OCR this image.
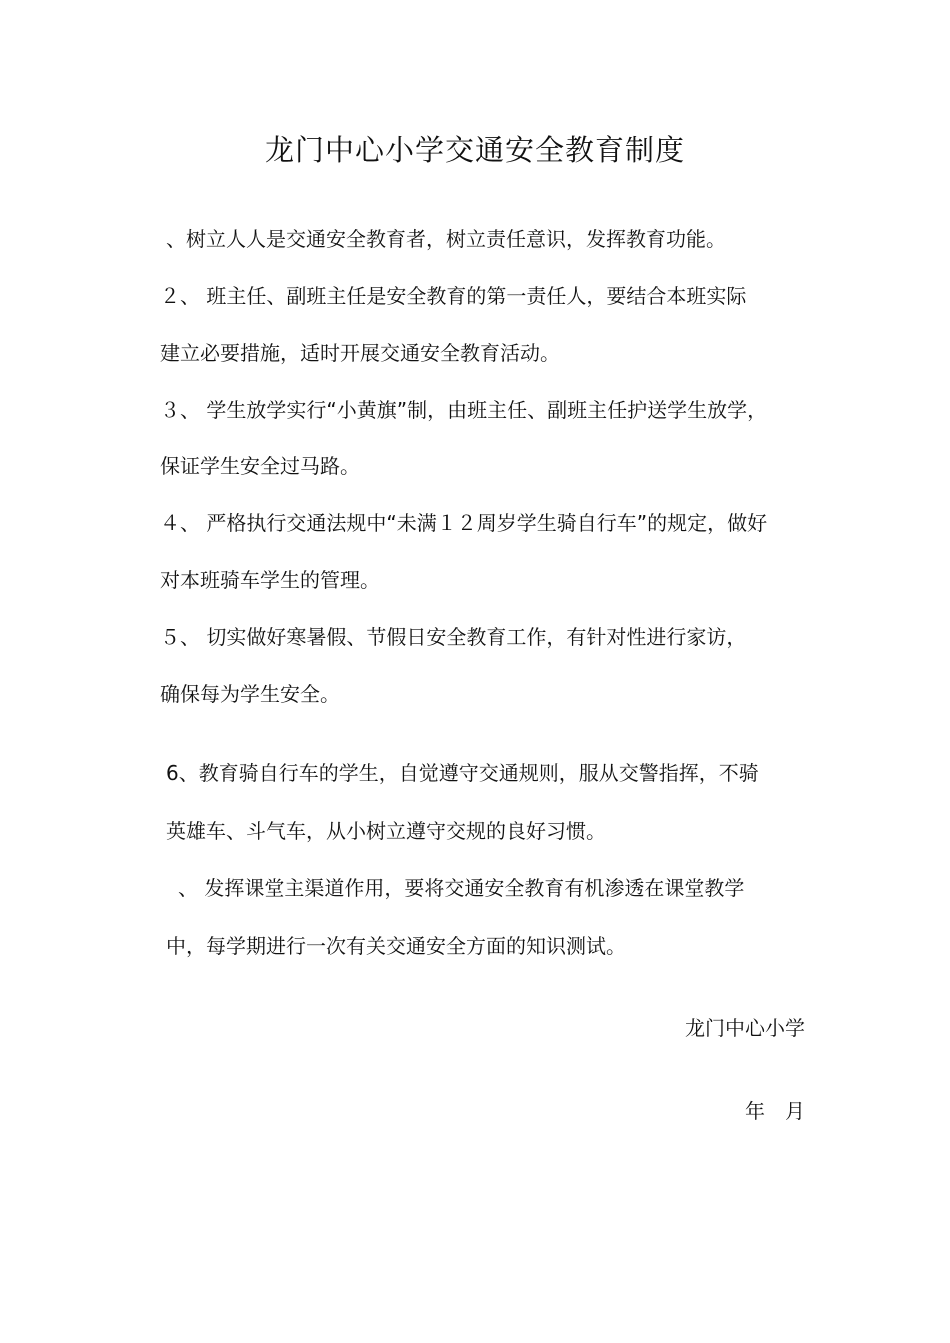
龙门中心小学交通安全教育制度

、树立人人是交通安全教育者，树立责任意识，发挥教育功能。

２、 班主任、副班主任是安全教育的第一责任人，要结合本班实际

建立必要措施，适时开展交通安全教育活动。

３、 学生放学实行“小黄旗”制，由班主任、副班主任护送学生放学，

保证学生安全过马路。

４、 严格执行交通法规中“未满１２周岁学生骑自行车”的规定，做好

对本班骑车学生的管理。

５、 切实做好寒暑假、节假日安全教育工作，有针对性进行家访，

确保每为学生安全。

6、教育骑自行车的学生，自觉遵守交通规则，服从交警指挥，不骑

英雄车、斗气车，从小树立遵守交规的良好习惯。

、 发挥课堂主渠道作用，要将交通安全教育有机渗透在课堂教学

中，每学期进行一次有关交通安全方面的知识测试。

龙门中心小学
年　月
